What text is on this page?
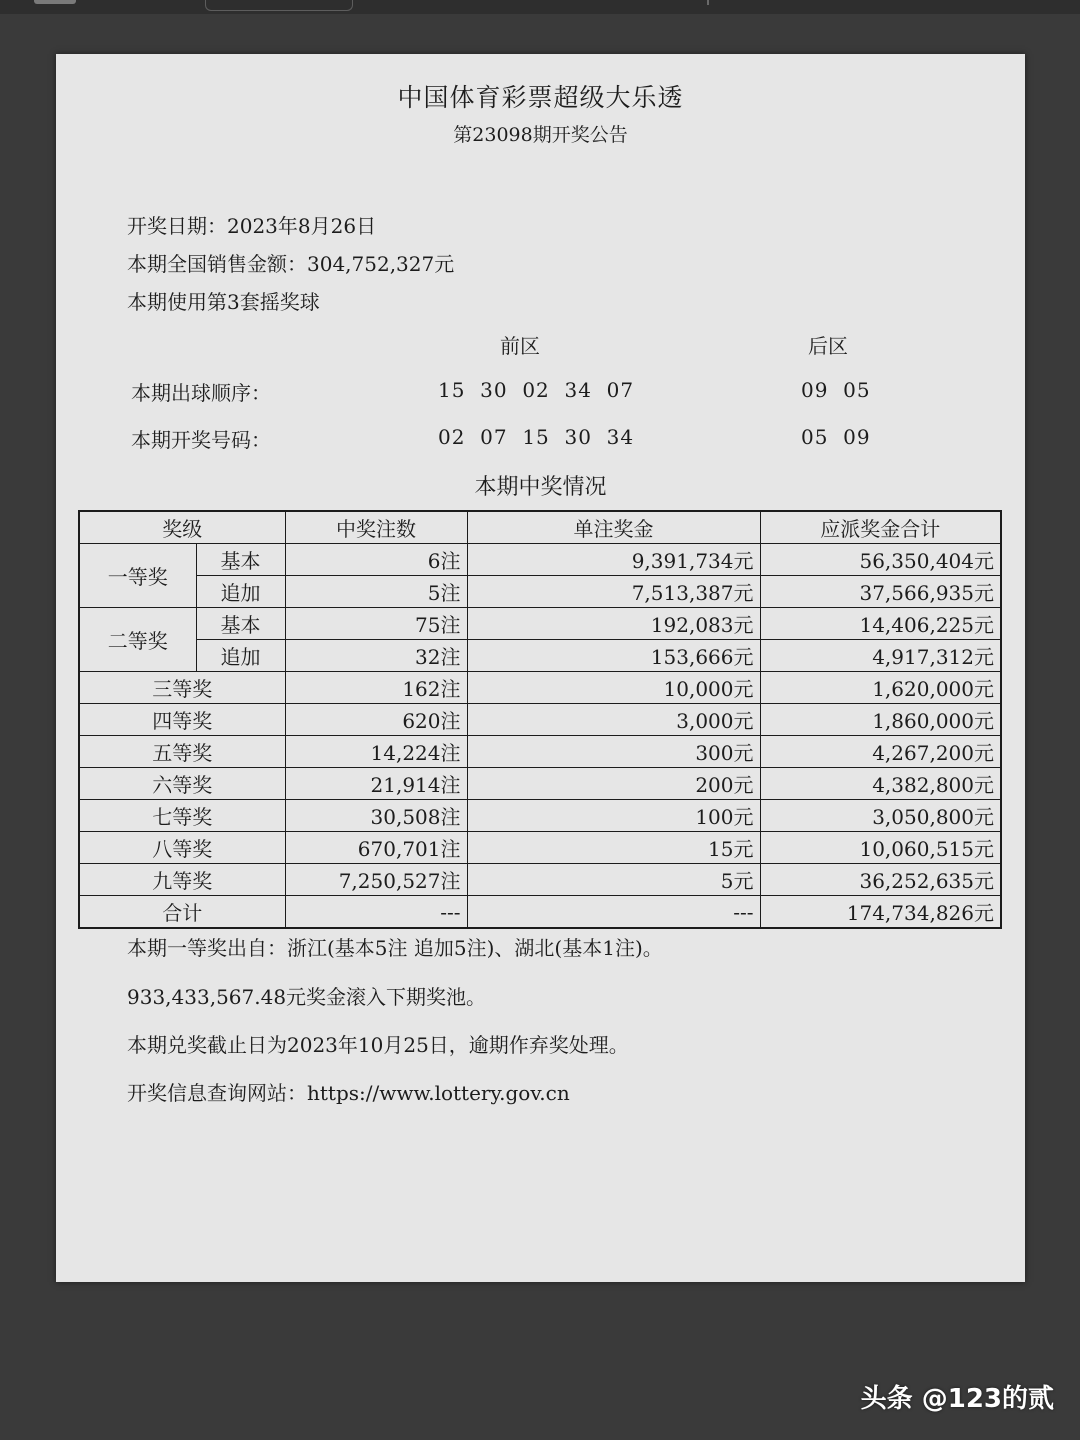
中国体育彩票超级大乐透
第23098期开奖公告
开奖日期：2023年8月26日
本期全国销售金额：304,752,327元
本期使用第3套摇奖球
前区	后区
本期出球顺序：	15  30  02  34  07	09  05
本期开奖号码：	02  07  15  30  34	05  09
本期中奖情况
奖级		中奖注数	单注奖金	应派奖金合计
一等奖	基本	6注	9,391,734元	56,350,404元
	追加	5注	7,513,387元	37,566,935元
二等奖	基本	75注	192,083元	14,406,225元
	追加	32注	153,666元	4,917,312元
三等奖		162注	10,000元	1,620,000元
四等奖		620注	3,000元	1,860,000元
五等奖		14,224注	300元	4,267,200元
六等奖		21,914注	200元	4,382,800元
七等奖		30,508注	100元	3,050,800元
八等奖		670,701注	15元	10,060,515元
九等奖		7,250,527注	5元	36,252,635元
合计		---	---	174,734,826元
本期一等奖出自：浙江(基本5注 追加5注)、湖北(基本1注)。
933,433,567.48元奖金滚入下期奖池。
本期兑奖截止日为2023年10月25日，逾期作弃奖处理。
开奖信息查询网站：https://www.lottery.gov.cn
头条 @123的贰
